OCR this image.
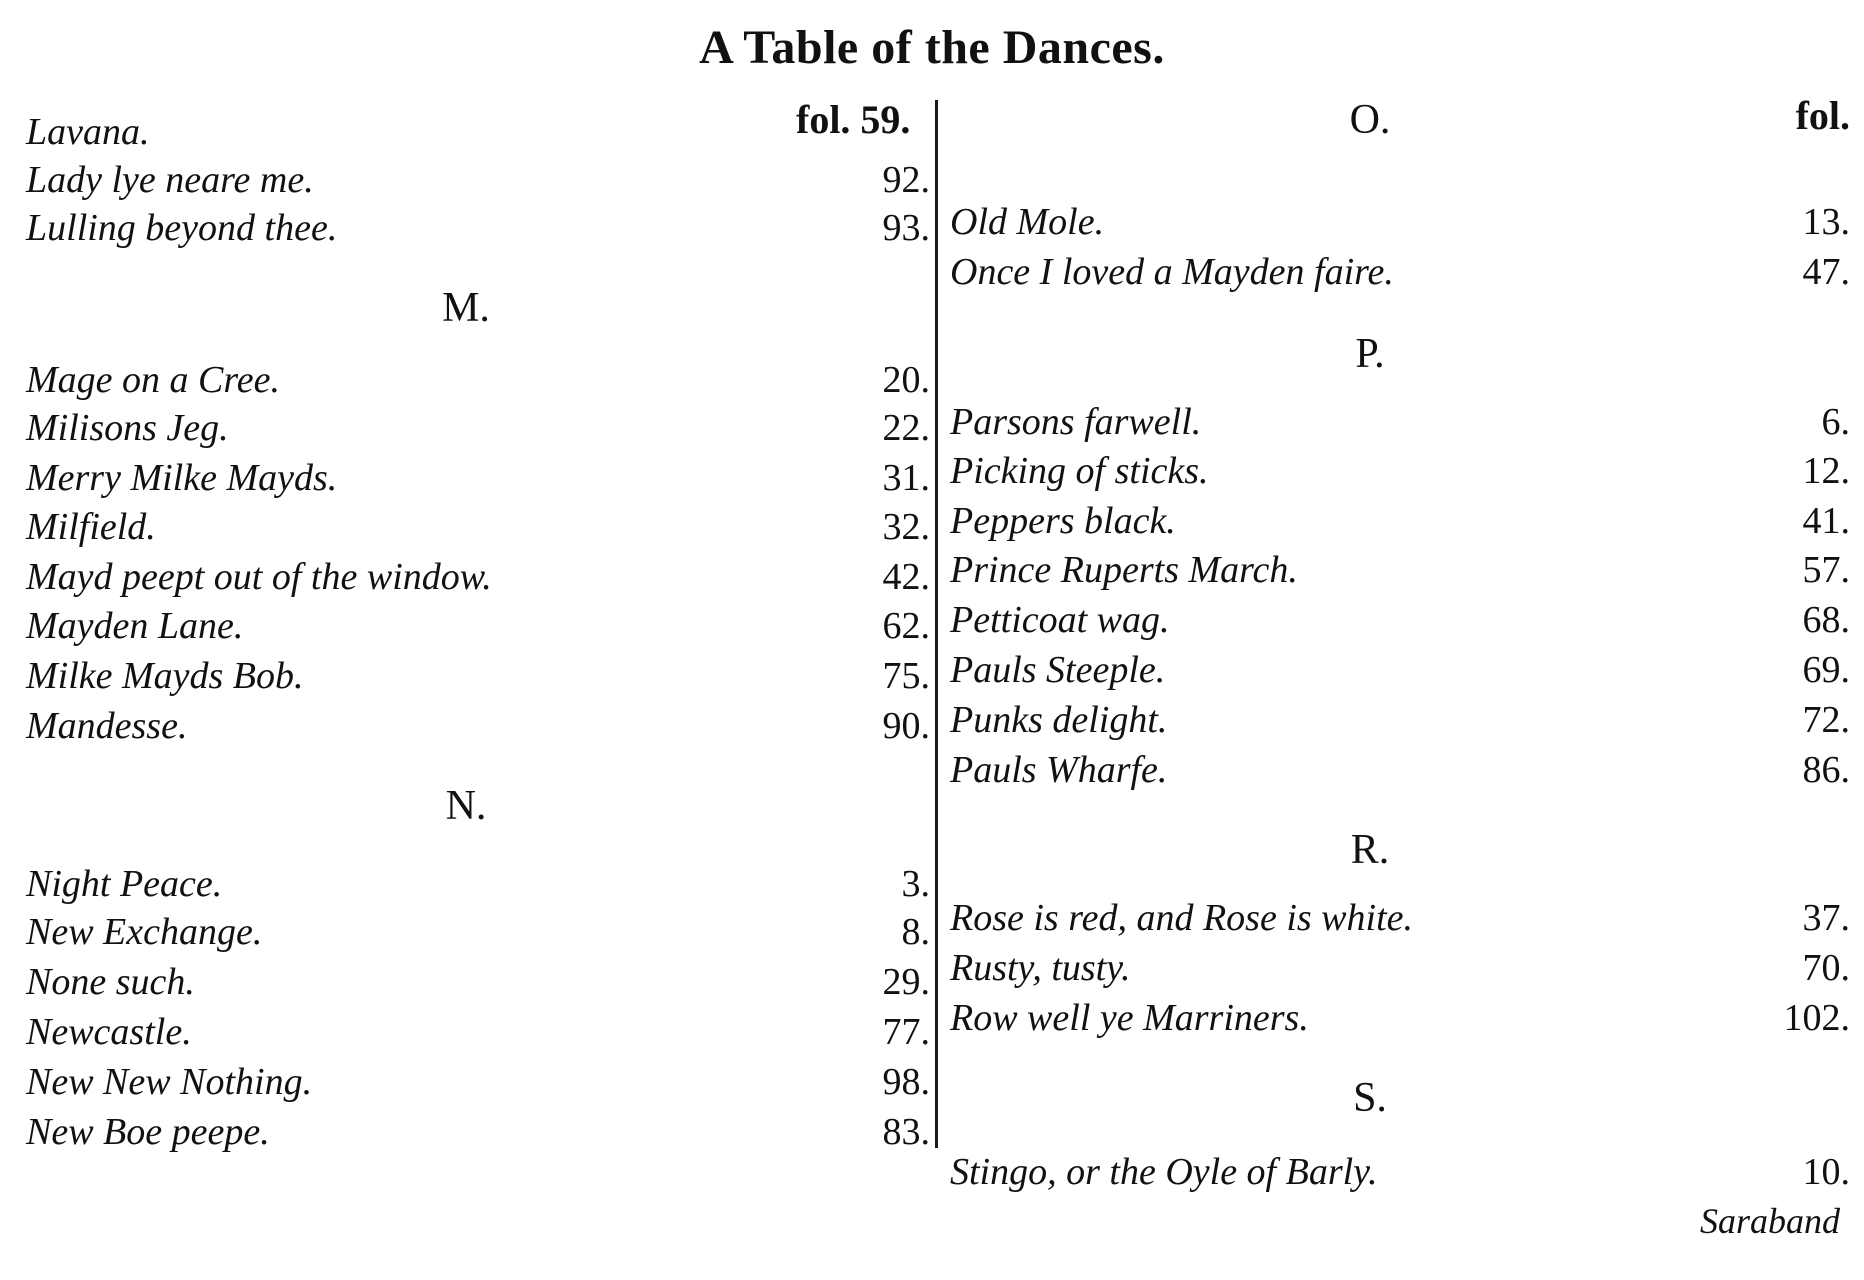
A Table of the Dances.
fol. 59.
Lavana.
Lady lye neare me.	92.
Lulling beyond thee.	93.
M.
Mage on a Cree.	20.
Milisons Jeg.	22.
Merry Milke Mayds.	31.
Milfield.	32.
Mayd peept out of the window.	42.
Mayden Lane.	62.
Milke Mayds Bob.	75.
Mandesse.	90.
N.
Night Peace.	3.
New Exchange.	8.
None such.	29.
Newcastle.	77.
New New Nothing.	98.
New Boe peepe.	83.
O.	fol.
Old Mole.	13.
Once I loved a Mayden faire.	47.
P.
Parsons farwell.	6.
Picking of sticks.	12.
Peppers black.	41.
Prince Ruperts March.	57.
Petticoat wag.	68.
Pauls Steeple.	69.
Punks delight.	72.
Pauls Wharfe.	86.
R.
Rose is red, and Rose is white.	37.
Rusty, tusty.	70.
Row well ye Marriners.	102.
S.
Stingo, or the Oyle of Barly.	10.
Saraband
